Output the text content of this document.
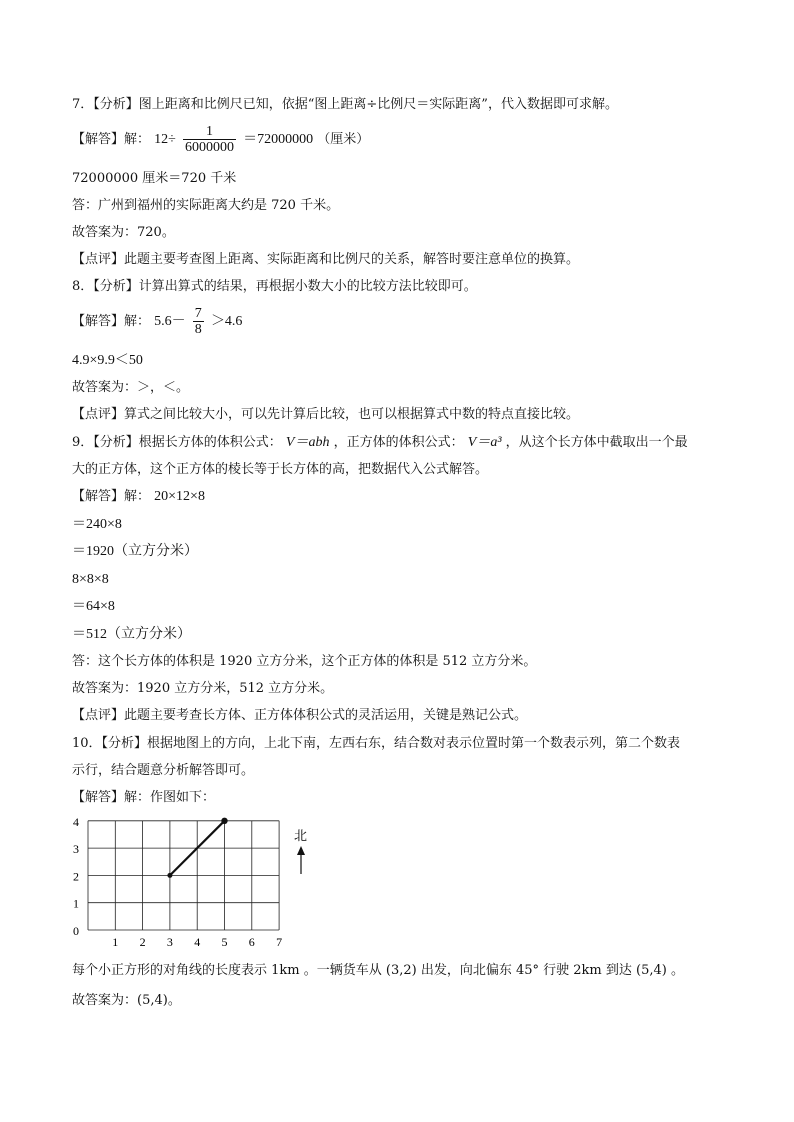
7．【分析】图上距离和比例尺已知，依据“图上距离÷比例尺＝实际距离”，代入数据即可求解。
【解答】解： $12\div \frac{1}{6000000} =72000000$ （厘米）
72000000 厘米＝720 千米
答：广州到福州的实际距离大约是 720 千米。
故答案为：720。
【点评】此题主要考查图上距离、实际距离和比例尺的关系，解答时要注意单位的换算。
8．【分析】计算出算式的结果，再根据小数大小的比较方法比较即可。
【解答】解： $5.6- \frac{7}{8} >4.6$
4.9×9.9＜50
故答案为：＞，＜。
【点评】算式之间比较大小，可以先计算后比较，也可以根据算式中数的特点直接比较。
9．【分析】根据长方体的体积公式： V＝abh ，正方体的体积公式： V＝a³ ，从这个长方体中截取出一个最
大的正方体，这个正方体的棱长等于长方体的高，把数据代入公式解答。
【解答】解： 20×12×8
＝240×8
＝1920（立方分米）
8×8×8
＝64×8
＝512（立方分米）
答：这个长方体的体积是 1920 立方分米，这个正方体的体积是 512 立方分米。
故答案为：1920 立方分米，512 立方分米。
【点评】此题主要考查长方体、正方体体积公式的灵活运用，关键是熟记公式。
10．【分析】根据地图上的方向，上北下南，左西右东，结合数对表示位置时第一个数表示列，第二个数表
示行，结合题意分析解答即可。
【解答】解：作图如下：
1 2 3 4 5 6 7
0
1
2
3
4
北
每个小正方形的对角线的长度表示 1km 。一辆货车从 (3,2) 出发，向北偏东 45° 行驶 2km 到达 (5,4) 。
故答案为：(5,4)。
